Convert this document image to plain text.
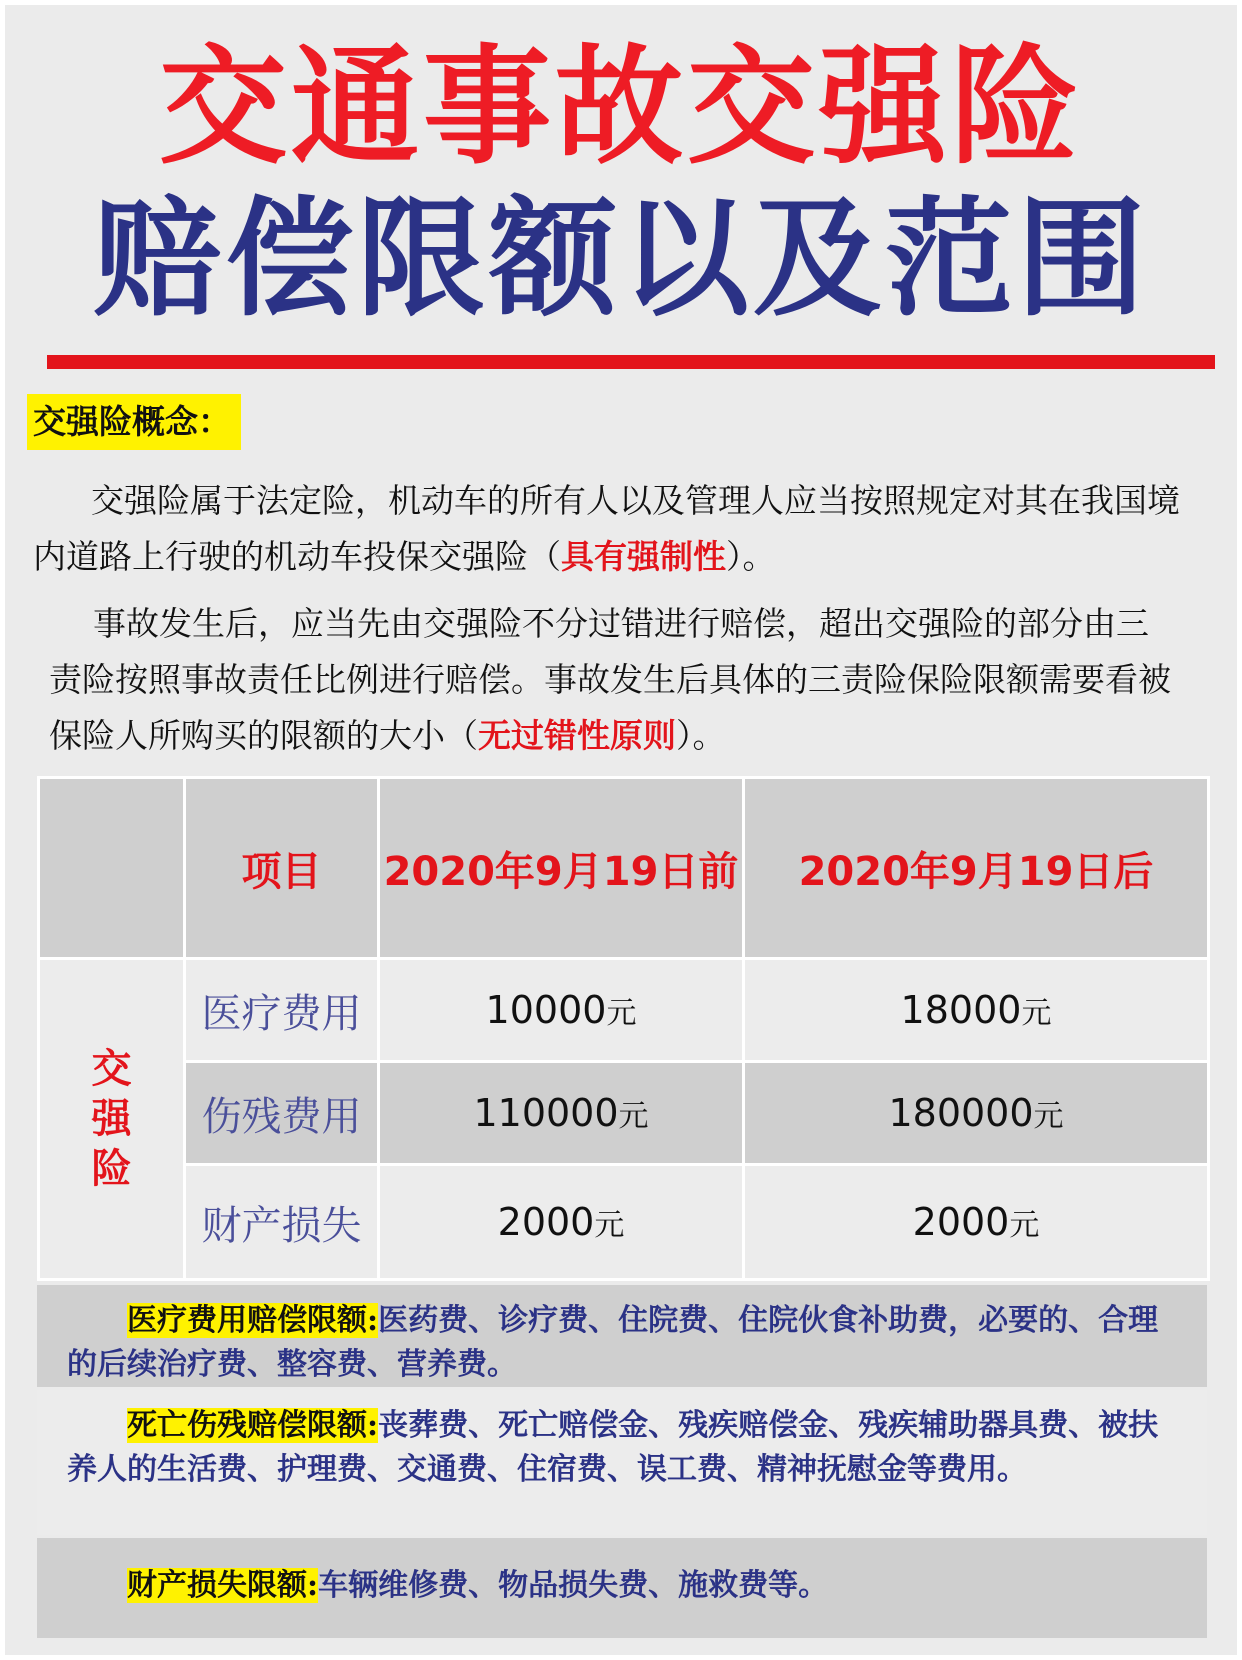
交通事故交强险
赔偿限额以及范围
交强险概念：

交强险属于法定险，机动车的所有人以及管理人应当按照规定对其在我国境内道路上行驶的机动车投保交强险（具有强制性）。

事故发生后，应当先由交强险不分过错进行赔偿，超出交强险的部分由三责险按照事故责任比例进行赔偿。事故发生后具体的三责险保险限额需要看被保险人所购买的限额的大小（无过错性原则）。

	项目	2020年9月19日前	2020年9月19日后

交强险	医疗费用	10000元	18000元
	伤残费用	110000元	180000元
	财产损失	2000元	2000元
医疗费用赔偿限额:医药费、诊疗费、住院费、住院伙食补助费，必要的、合理的后续治疗费、整容费、营养费。
死亡伤残赔偿限额:丧葬费、死亡赔偿金、残疾赔偿金、残疾辅助器具费、被扶养人的生活费、护理费、交通费、住宿费、误工费、精神抚慰金等费用。
财产损失限额:车辆维修费、物品损失费、施救费等。
